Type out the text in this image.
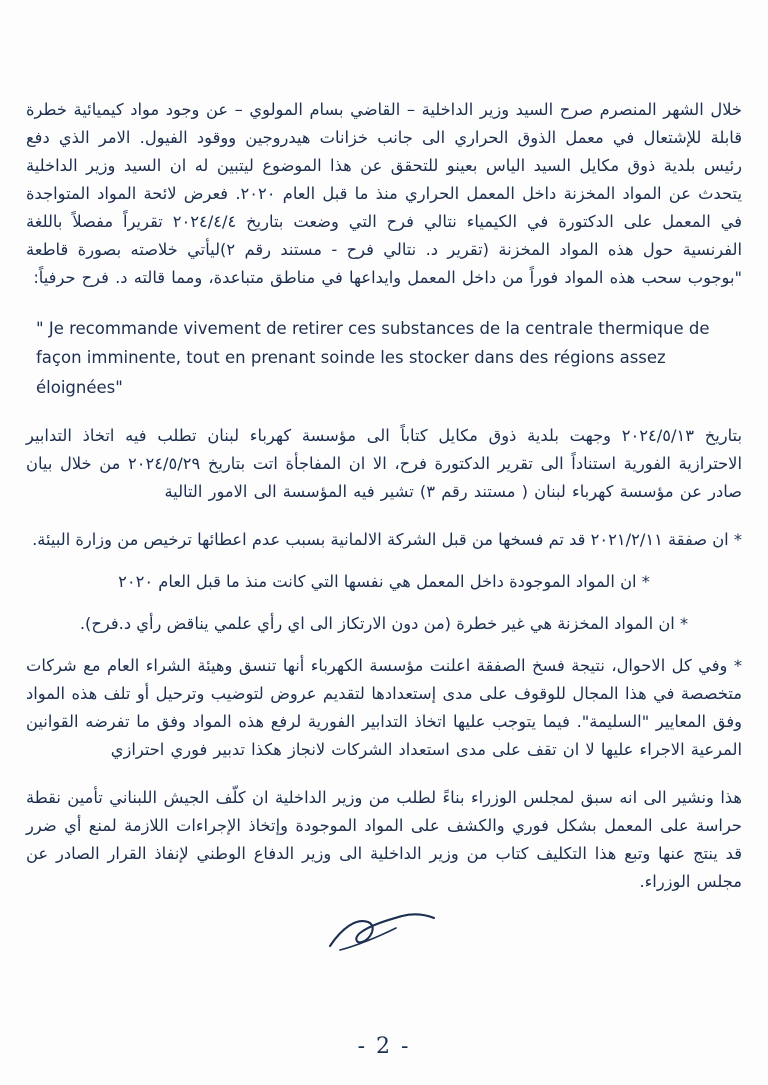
خلال الشهر المنصرم صرح السيد وزير الداخلية – القاضي بسام المولوي – عن وجود مواد كيميائية خطرة قابلة للإشتعال في معمل الذوق الحراري الى جانب خزانات هيدروجين ووقود الفيول. الامر الذي دفع رئيس بلدية ذوق مكايل السيد الياس بعينو للتحقق عن هذا الموضوع ليتبين له ان السيد وزير الداخلية يتحدث عن المواد المخزنة داخل المعمل الحراري منذ ما قبل العام ٢٠٢٠. فعرض لائحة المواد المتواجدة في المعمل على الدكتورة في الكيمياء نتالي فرح التي وضعت بتاريخ ٢٠٢٤/٤/٤ تقريراً مفصلاً باللغة الفرنسية حول هذه المواد المخزنة (تقرير د. نتالي فرح - مستند رقم ٢)ليأتي خلاصته بصورة قاطعة "بوجوب سحب هذه المواد فوراً من داخل المعمل وايداعها في مناطق متباعدة، ومما قالته د. فرح حرفياً:
" Je recommande vivement de retirer ces substances de la centrale thermique de façon imminente, tout en prenant soinde les stocker dans des régions assez éloignées"
بتاريخ ٢٠٢٤/٥/١٣ وجهت بلدية ذوق مكايل كتاباً الى مؤسسة كهرباء لبنان تطلب فيه اتخاذ التدابير الاحترازية الفورية استناداً الى تقرير الدكتورة فرح، الا ان المفاجأة اتت بتاريخ ٢٠٢٤/٥/٢٩ من خلال بيان صادر عن مؤسسة كهرباء لبنان ( مستند رقم ٣) تشير فيه المؤسسة الى الامور التالية
* ان صفقة ٢٠٢١/٢/١١ قد تم فسخها من قبل الشركة الالمانية بسبب عدم اعطائها ترخيص من وزارة البيئة.
* ان المواد الموجودة داخل المعمل هي نفسها التي كانت منذ ما قبل العام ٢٠٢٠
* ان المواد المخزنة هي غير خطرة (من دون الارتكاز الى اي رأي علمي يناقض رأي د.فرح).
* وفي كل الاحوال، نتيجة فسخ الصفقة اعلنت مؤسسة الكهرباء أنها تنسق وهيئة الشراء العام مع شركات متخصصة في هذا المجال للوقوف على مدى إستعدادها لتقديم عروض لتوضيب وترحيل أو تلف هذه المواد وفق المعايير "السليمة". فيما يتوجب عليها اتخاذ التدابير الفورية لرفع هذه المواد وفق ما تفرضه القوانين المرعية الاجراء عليها لا ان تقف على مدى استعداد الشركات لانجاز هكذا تدبير فوري احترازي
هذا ونشير الى انه سبق لمجلس الوزراء بناءً لطلب من وزير الداخلية ان كلّف الجيش اللبناني تأمين نقطة حراسة على المعمل بشكل فوري والكشف على المواد الموجودة وإتخاذ الإجراءات اللازمة لمنع أي ضرر قد ينتج عنها وتبع هذا التكليف كتاب من وزير الداخلية الى وزير الدفاع الوطني لإنفاذ القرار الصادر عن مجلس الوزراء.
- 2 -
